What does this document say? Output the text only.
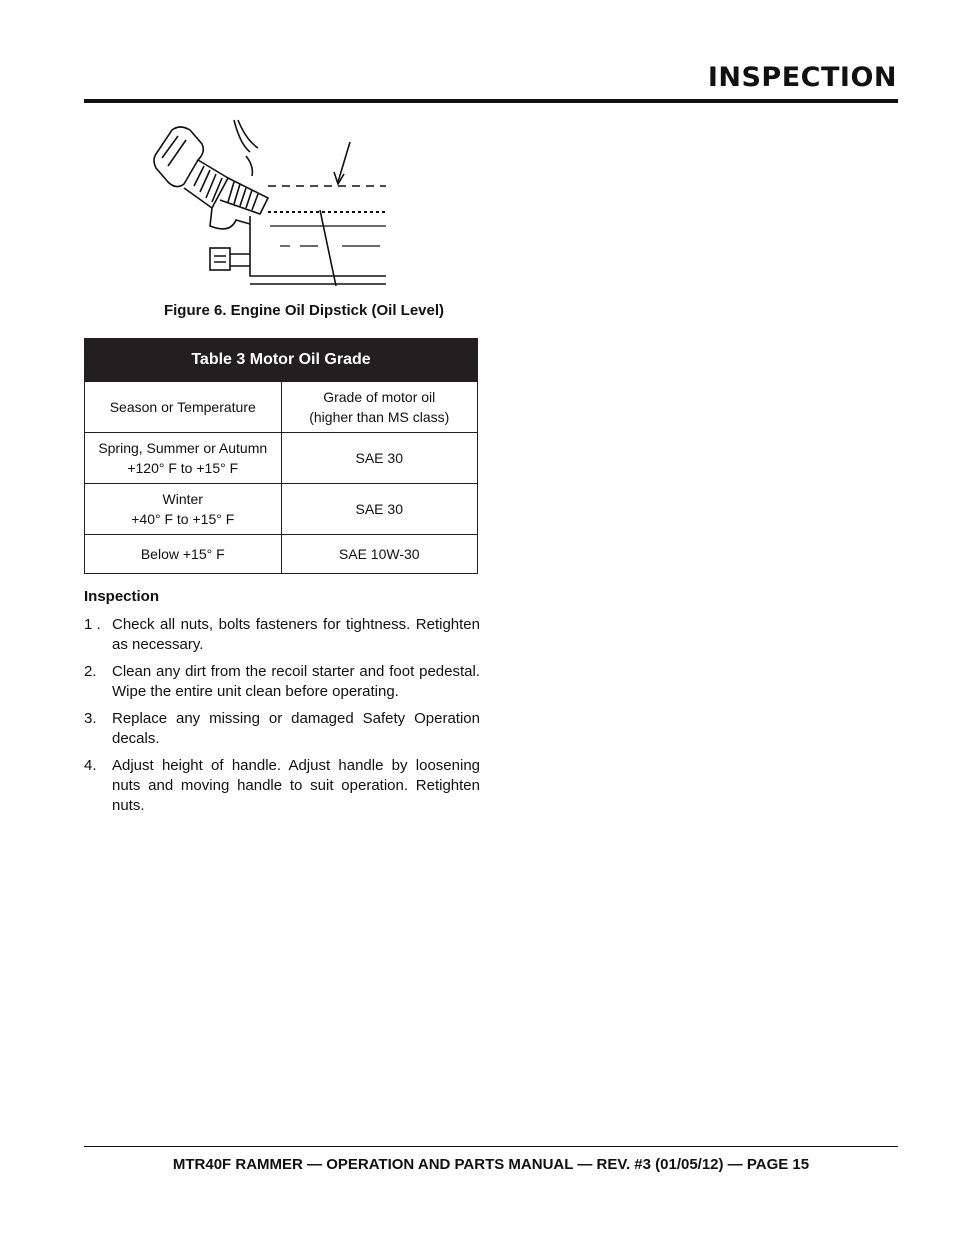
INSPECTION
Figure 6. Engine Oil Dipstick (Oil Level)
Table 3 Motor Oil Grade	
Season or Temperature	Grade of motor oil
(higher than MS class)
Spring, Summer or Autumn
+120° F to +15° F	SAE 30
Winter
+40° F to +15° F	SAE 30
Below +15° F	SAE 10W-30
Inspection
1 . Check all nuts, bolts fasteners for tightness. Retighten as necessary.
2.	Clean any dirt from the recoil starter and foot pedestal. Wipe the entire unit clean before operating.
3.	Replace any missing or damaged Safety Operation decals.
4.	Adjust height of handle. Adjust handle by loosening nuts and moving handle to suit operation. Retighten nuts.
MTR40F RAMMER — OPERATION AND PARTS MANUAL — REV. #3 (01/05/12) — PAGE 15
